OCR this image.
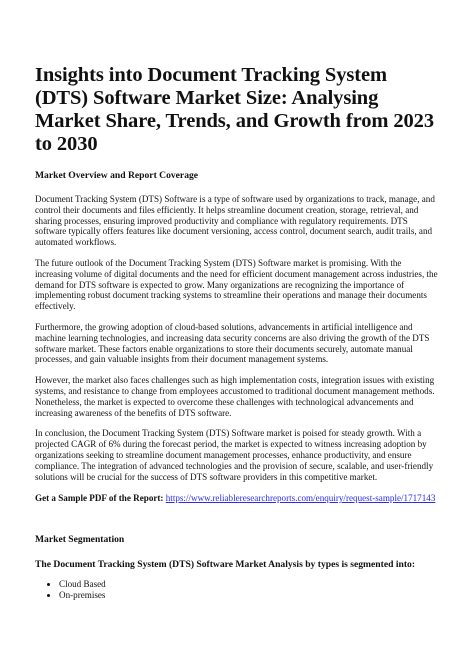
Insights into Document Tracking System (DTS) Software Market Size: Analysing Market Share, Trends, and Growth from 2023 to 2030
Market Overview and Report Coverage

Document Tracking System (DTS) Software is a type of software used by organizations to track, manage, and control their documents and files efficiently. It helps streamline document creation, storage, retrieval, and sharing processes, ensuring improved productivity and compliance with regulatory requirements. DTS software typically offers features like document versioning, access control, document search, audit trails, and automated workflows.

The future outlook of the Document Tracking System (DTS) Software market is promising. With the increasing volume of digital documents and the need for efficient document management across industries, the demand for DTS software is expected to grow. Many organizations are recognizing the importance of implementing robust document tracking systems to streamline their operations and manage their documents effectively.

Furthermore, the growing adoption of cloud-based solutions, advancements in artificial intelligence and machine learning technologies, and increasing data security concerns are also driving the growth of the DTS software market. These factors enable organizations to store their documents securely, automate manual processes, and gain valuable insights from their document management systems.

However, the market also faces challenges such as high implementation costs, integration issues with existing systems, and resistance to change from employees accustomed to traditional document management methods. Nonetheless, the market is expected to overcome these challenges with technological advancements and increasing awareness of the benefits of DTS software.

In conclusion, the Document Tracking System (DTS) Software market is poised for steady growth. With a projected CAGR of 6% during the forecast period, the market is expected to witness increasing adoption by organizations seeking to streamline document management processes, enhance productivity, and ensure compliance. The integration of advanced technologies and the provision of secure, scalable, and user-friendly solutions will be crucial for the success of DTS software providers in this competitive market.

Get a Sample PDF of the Report: https://www.reliableresearchreports.com/enquiry/request-sample/1717143
Market Segmentation
The Document Tracking System (DTS) Software Market Analysis by types is segmented into:
• Cloud Based
• On-premises
